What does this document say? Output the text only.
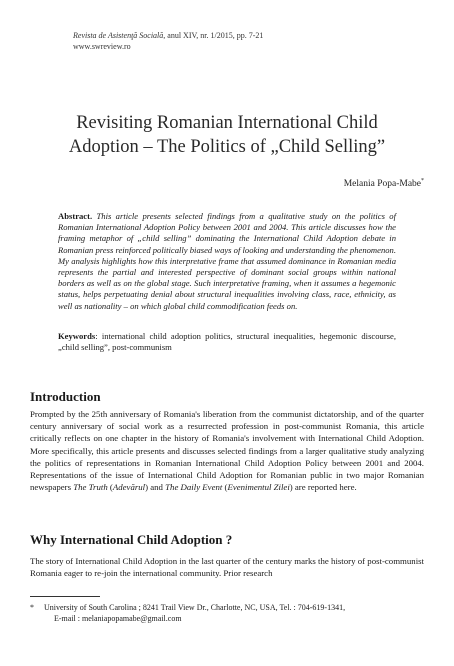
Revista de Asistenţă Socială, anul XIV, nr. 1/2015, pp. 7-21
www.swreview.ro
Revisiting Romanian International Child
Adoption – The Politics of „Child Selling”
Melania Popa-Mabe*
Abstract. This article presents selected findings from a qualitative study on the politics of Romanian International Adoption Policy between 2001 and 2004. This article discusses how the framing metaphor of „child selling” dominating the International Child Adoption debate in Romanian press reinforced politically biased ways of looking and understanding the phenomenon. My analysis highlights how this interpretative frame that assumed dominance in Romanian media represents the partial and interested perspective of dominant social groups within national borders as well as on the global stage. Such interpretative framing, when it assumes a hegemonic status, helps perpetuating denial about structural inequalities involving class, race, ethnicity, as well as nationality – on which global child commodification feeds on.
Keywords: international child adoption politics, structural inequalities, hegemonic discourse, „child selling”, post-communism
Introduction
Prompted by the 25th anniversary of Romania's liberation from the communist dictatorship, and of the quarter century anniversary of social work as a resurrected profession in post-communist Romania, this article critically reflects on one chapter in the history of Romania's involvement with International Child Adoption. More specifically, this article presents and discusses selected findings from a larger qualitative study analyzing the politics of representations in Romanian International Child Adoption Policy between 2001 and 2004. Representations of the issue of International Child Adoption for Romanian public in two major Romanian newspapers The Truth (Adevărul) and The Daily Event (Evenimentul Zilei) are reported here.
Why International Child Adoption ?
The story of International Child Adoption in the last quarter of the century marks the history of post-communist Romania eager to re-join the international community. Prior research
* University of South Carolina ; 8241 Trail View Dr., Charlotte, NC, USA, Tel. : 704-619-1341,
E-mail : melaniapopamabe@gmail.com
